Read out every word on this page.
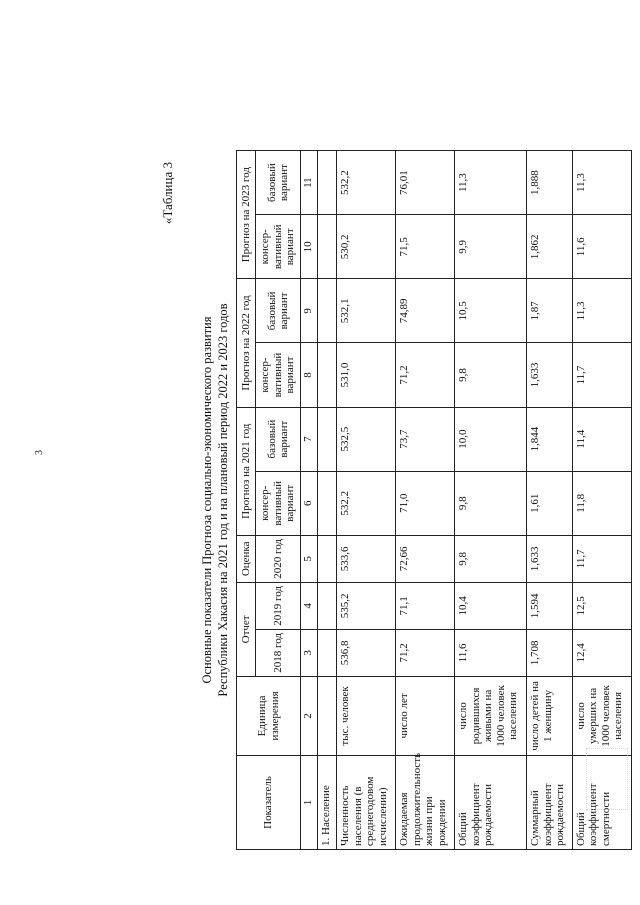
3
«Таблица 3
Основные показатели Прогноза социально-экономического развития Республики Хакасия на 2021 год и на плановый период 2022 и 2023 годов
Показатель	Единица измерения	Отчет		Оценка	Прогноз на 2021 год		Прогноз на 2022 год		Прогноз на 2023 год	
		2018 год	2019 год	2020 год	консер-вативный вариант	базовый вариант	консер-вативный вариант	базовый вариант	консер-вативный вариант	базовый вариант
1	2	3	4	5	6	7	8	9	10	11
1. Население										
Численность населения (в среднегодовом исчислении)	тыс. человек	536,8	535,2	533,6	532,2	532,5	531,0	532,1	530,2	532,2
Ожидаемая продолжительность жизни при рождении	число лет	71,2	71,1	72,66	71,0	73,7	71,2	74,89	71,5	76,01
Общий коэффициент рождаемости	число родившихся живыми на 1000 человек населения	11,6	10,4	9,8	9,8	10,0	9,8	10,5	9,9	11,3
Суммарный коэффициент рождаемости	число детей на 1 женщину	1,708	1,594	1,633	1,61	1,844	1,633	1,87	1,862	1,888
Общий коэффициент смертности	число умерших на 1000 человек населения	12,4	12,5	11,7	11,8	11,4	11,7	11,3	11,6	11,3
